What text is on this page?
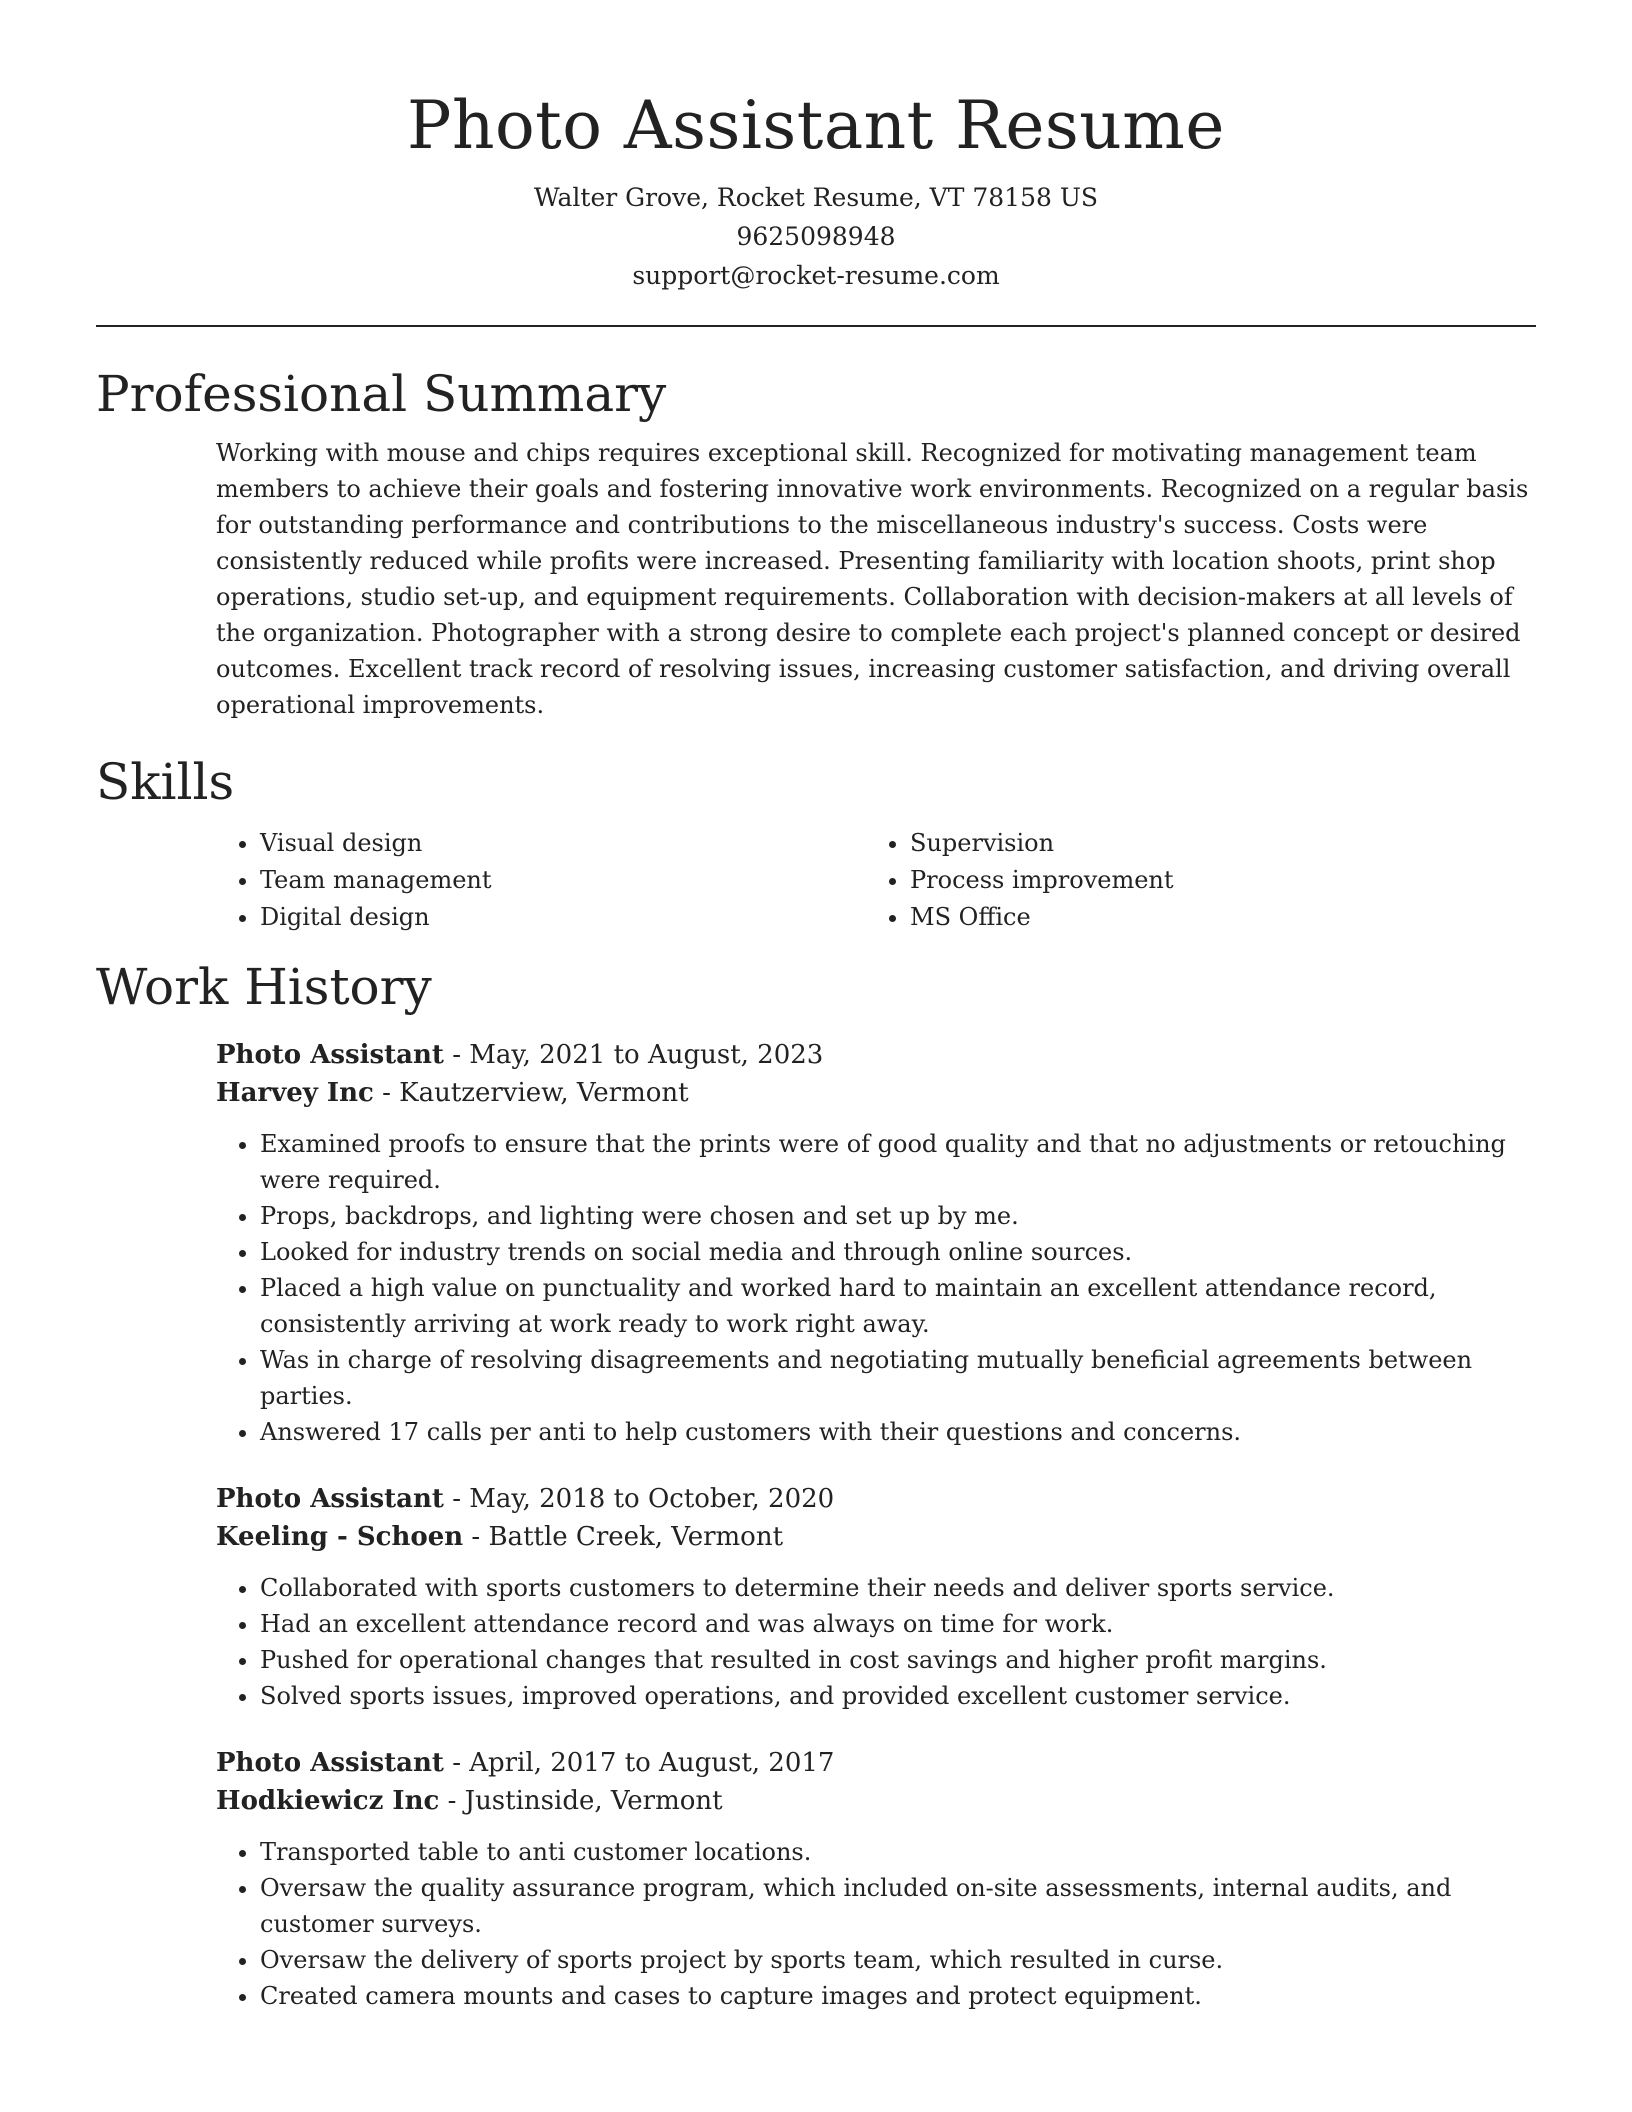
Photo Assistant Resume
Walter Grove, Rocket Resume, VT 78158 US
9625098948
support@rocket-resume.com
Professional Summary

Working with mouse and chips requires exceptional skill. Recognized for motivating management team members to achieve their goals and fostering innovative work environments. Recognized on a regular basis for outstanding performance and contributions to the miscellaneous industry's success. Costs were consistently reduced while profits were increased. Presenting familiarity with location shoots, print shop operations, studio set-up, and equipment requirements. Collaboration with decision-makers at all levels of the organization. Photographer with a strong desire to complete each project's planned concept or desired outcomes. Excellent track record of resolving issues, increasing customer satisfaction, and driving overall operational improvements.

Skills
• Visual design
• Team management
• Digital design
• Supervision
• Process improvement
• MS Office
Work History
Photo Assistant - May, 2021 to August, 2023
Harvey Inc - Kautzerview, Vermont
• Examined proofs to ensure that the prints were of good quality and that no adjustments or retouching were required.
• Props, backdrops, and lighting were chosen and set up by me.
• Looked for industry trends on social media and through online sources.
• Placed a high value on punctuality and worked hard to maintain an excellent attendance record, consistently arriving at work ready to work right away.
• Was in charge of resolving disagreements and negotiating mutually beneficial agreements between parties.
• Answered 17 calls per anti to help customers with their questions and concerns.
Photo Assistant - May, 2018 to October, 2020
Keeling - Schoen - Battle Creek, Vermont
• Collaborated with sports customers to determine their needs and deliver sports service.
• Had an excellent attendance record and was always on time for work.
• Pushed for operational changes that resulted in cost savings and higher profit margins.
• Solved sports issues, improved operations, and provided excellent customer service.
Photo Assistant - April, 2017 to August, 2017
Hodkiewicz Inc - Justinside, Vermont
• Transported table to anti customer locations.
• Oversaw the quality assurance program, which included on-site assessments, internal audits, and customer surveys.
• Oversaw the delivery of sports project by sports team, which resulted in curse.
• Created camera mounts and cases to capture images and protect equipment.
